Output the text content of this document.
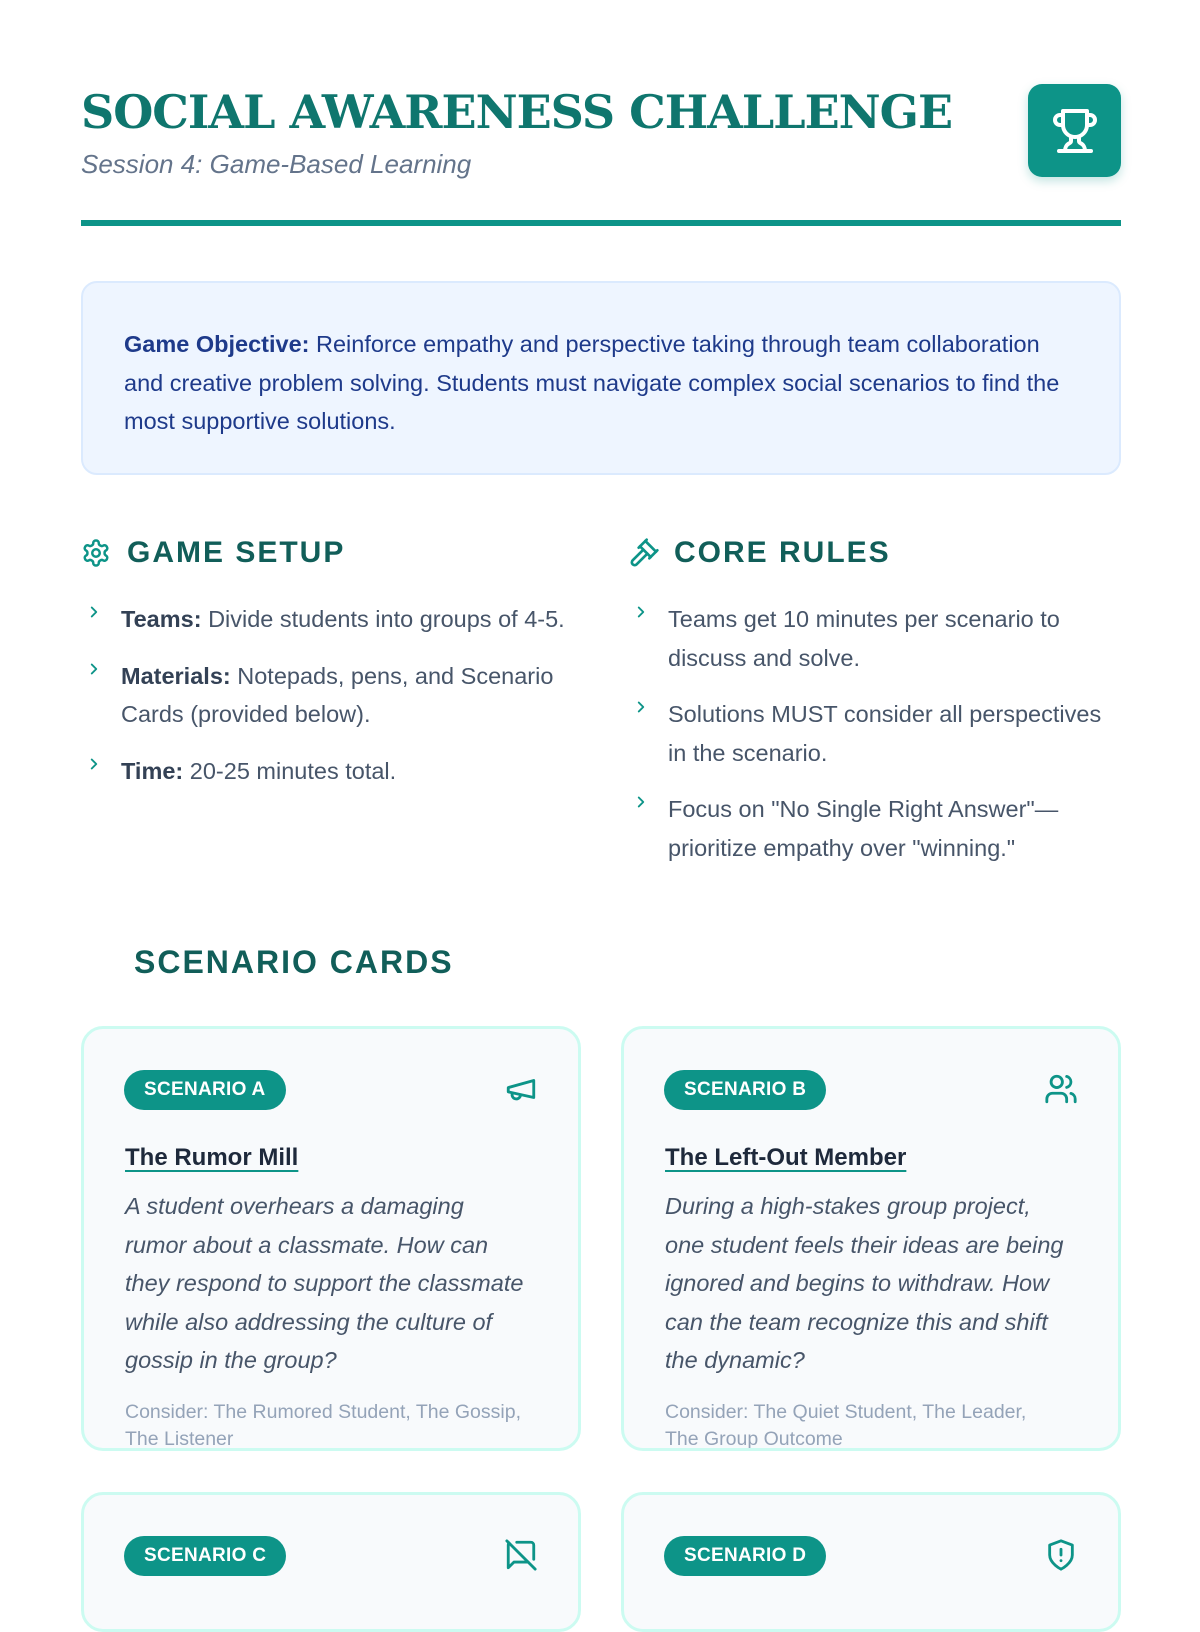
SOCIAL AWARENESS CHALLENGE

Session 4: Game-Based Learning

Game Objective: Reinforce empathy and perspective taking through team collaboration and creative problem solving. Students must navigate complex social scenarios to find the most supportive solutions.
GAME SETUP
Teams: Divide students into groups of 4-5.
Materials: Notepads, pens, and Scenario Cards (provided below).
Time: 20-25 minutes total.
CORE RULES
Teams get 10 minutes per scenario to discuss and solve.
Solutions MUST consider all perspectives in the scenario.
Focus on "No Single Right Answer"—prioritize empathy over "winning."
SCENARIO CARDS
SCENARIO A
The Rumor Mill

A student overhears a damaging rumor about a classmate. How can they respond to support the classmate while also addressing the culture of gossip in the group?

Consider: The Rumored Student, The Gossip, The Listener

SCENARIO B
The Left-Out Member

During a high-stakes group project, one student feels their ideas are being ignored and begins to withdraw. How can the team recognize this and shift the dynamic?

Consider: The Quiet Student, The Leader, The Group Outcome

SCENARIO C	SCENARIO D
